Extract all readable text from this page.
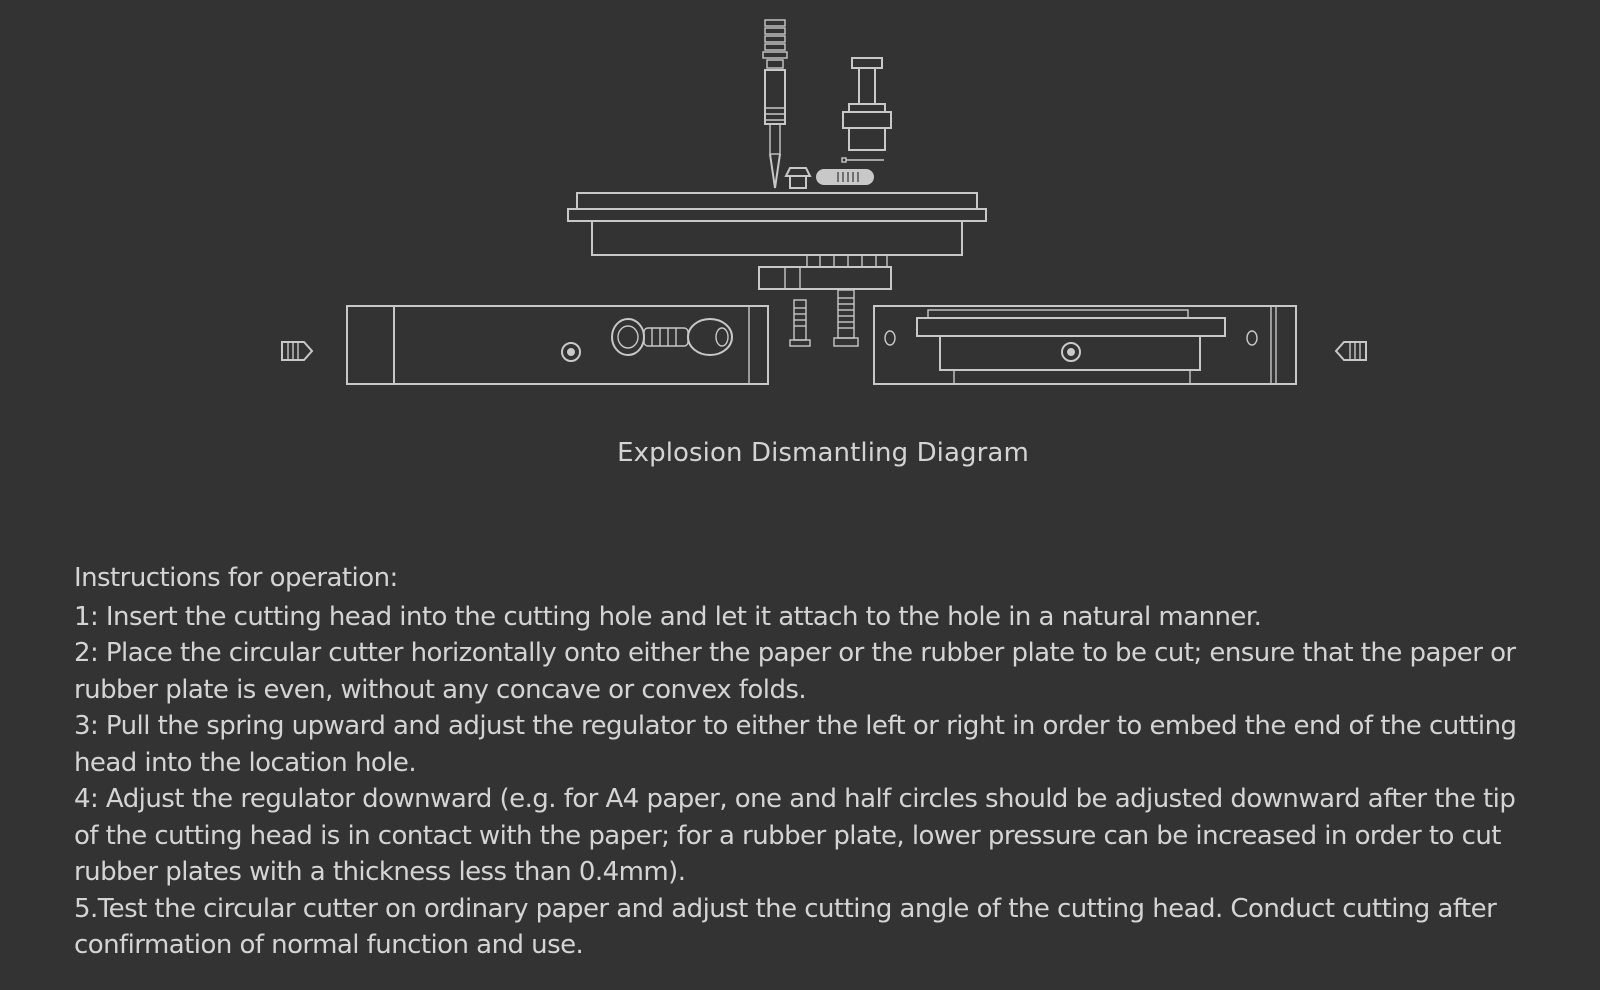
Explosion Dismantling Diagram

Instructions for operation:

1: Insert the cutting head into the cutting hole and let it attach to the hole in a natural manner.

2: Place the circular cutter horizontally onto either the paper or the rubber plate to be cut; ensure that the paper or rubber plate is even, without any concave or convex folds.

3: Pull the spring upward and adjust the regulator to either the left or right in order to embed the end of the cutting head into the location hole.

4: Adjust the regulator downward (e.g. for A4 paper, one and half circles should be adjusted downward after the tip of the cutting head is in contact with the paper; for a rubber plate, lower pressure can be increased in order to cut rubber plates with a thickness less than 0.4mm).

5.Test the circular cutter on ordinary paper and adjust the cutting angle of the cutting head. Conduct cutting after confirmation of normal function and use.
